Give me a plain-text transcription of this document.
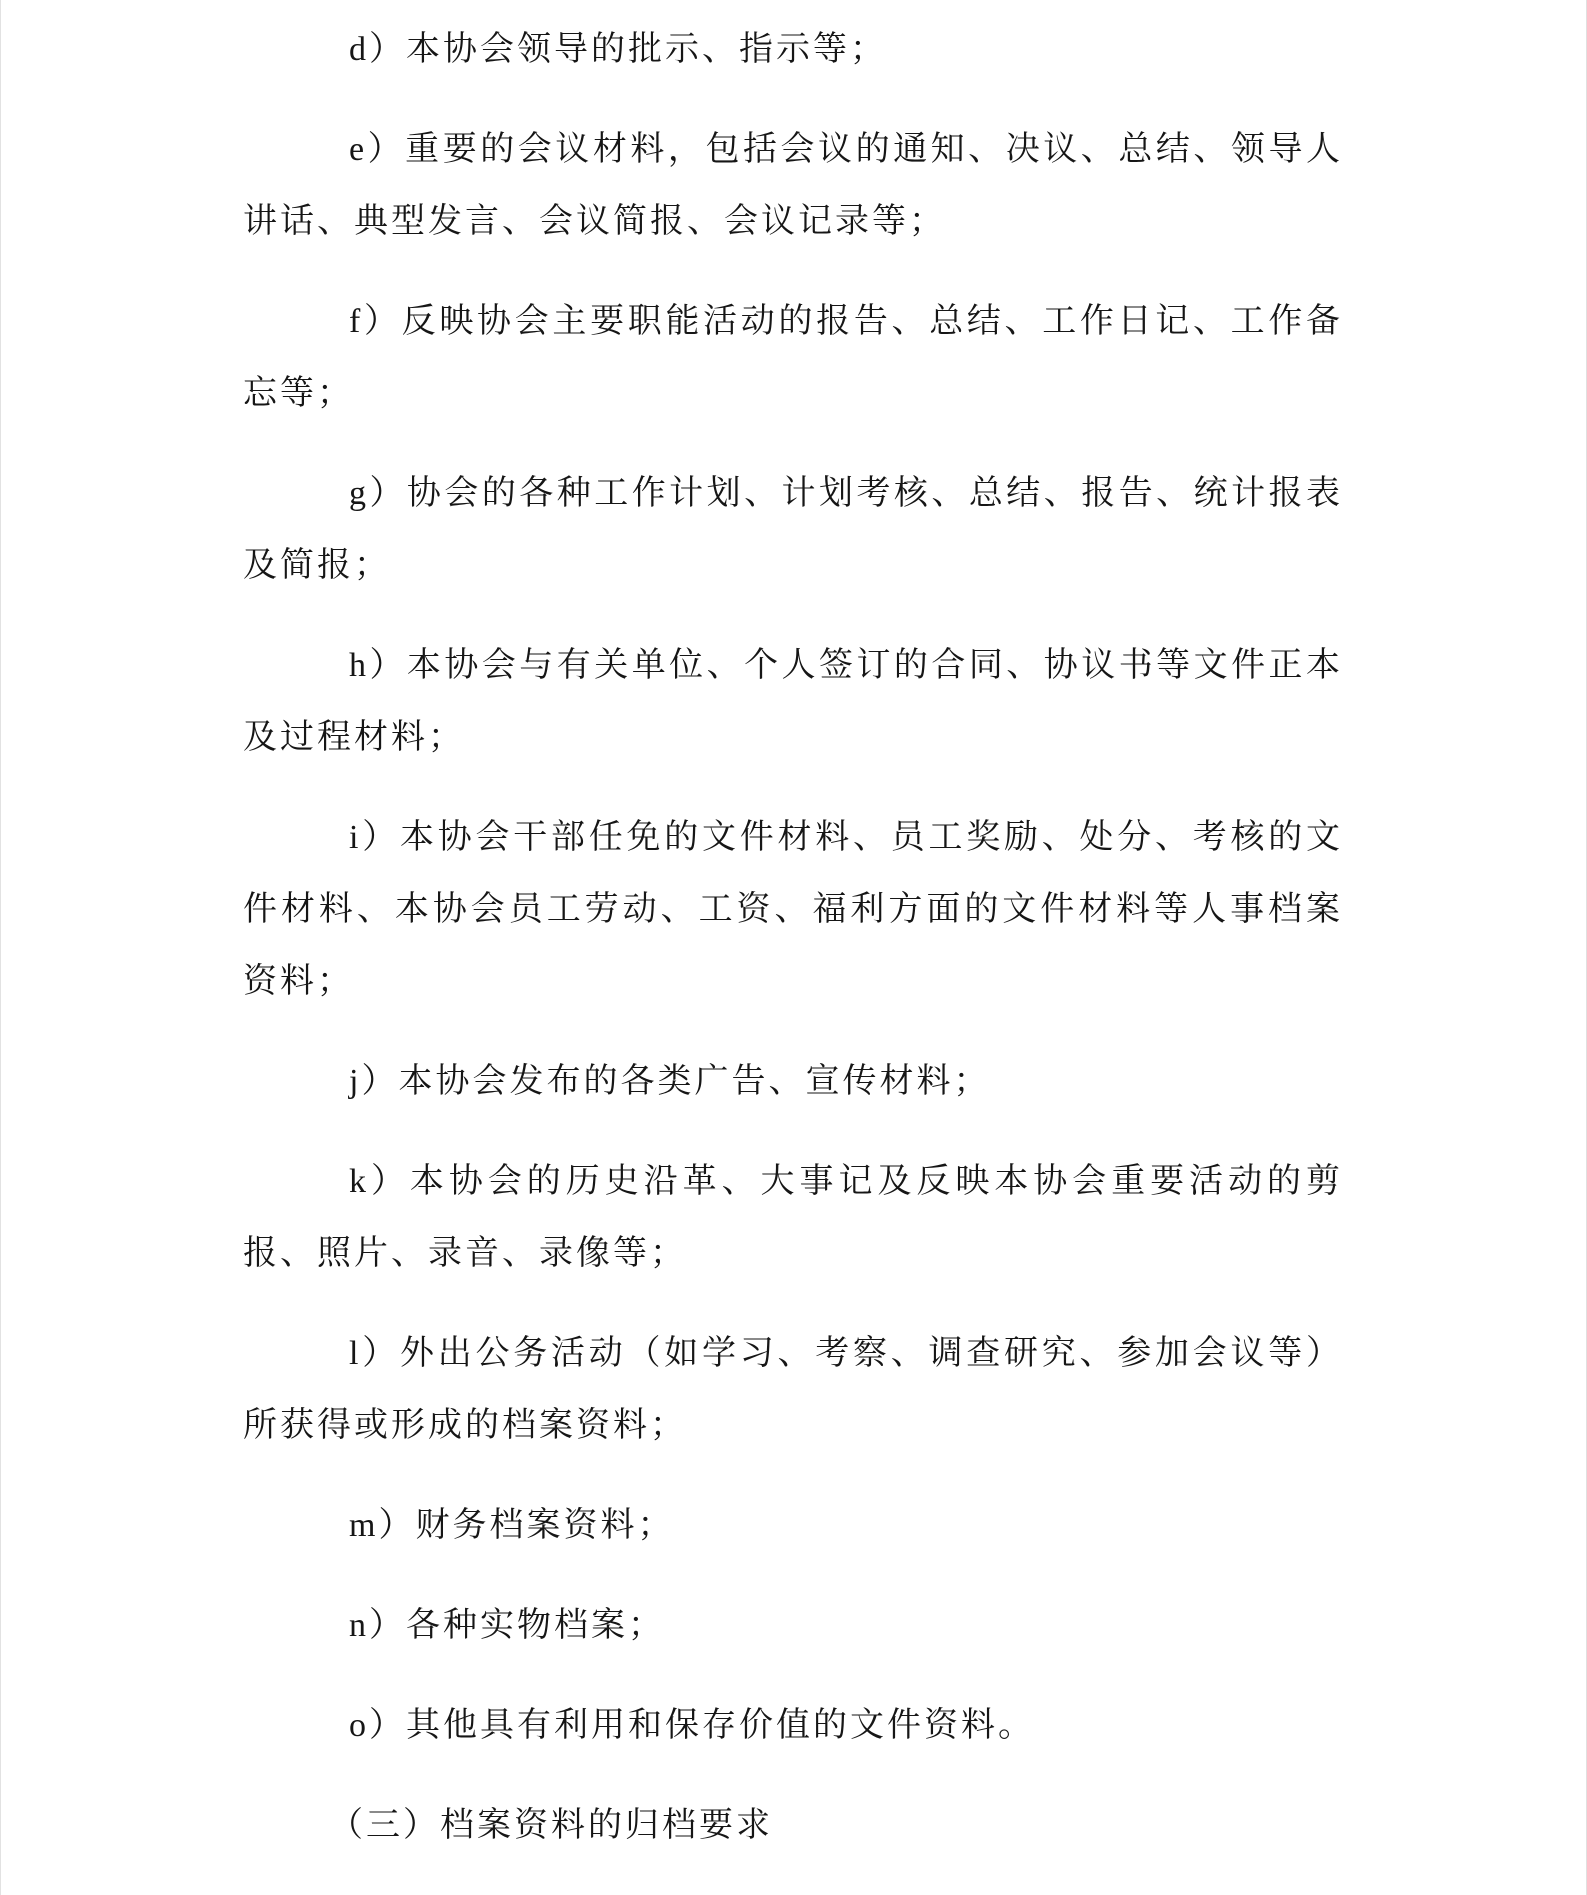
d）本协会领导的批示、指示等；

e）重要的会议材料，包括会议的通知、决议、总结、领导人讲话、典型发言、会议简报、会议记录等；

f）反映协会主要职能活动的报告、总结、工作日记、工作备忘等；

g）协会的各种工作计划、计划考核、总结、报告、统计报表及简报；

h）本协会与有关单位、个人签订的合同、协议书等文件正本及过程材料；

i）本协会干部任免的文件材料、员工奖励、处分、考核的文件材料、本协会员工劳动、工资、福利方面的文件材料等人事档案资料；

j）本协会发布的各类广告、宣传材料；

k）本协会的历史沿革、大事记及反映本协会重要活动的剪报、照片、录音、录像等；

l）外出公务活动（如学习、考察、调查研究、参加会议等）所获得或形成的档案资料；

m）财务档案资料；

n）各种实物档案；

o）其他具有利用和保存价值的文件资料。

（三）档案资料的归档要求
